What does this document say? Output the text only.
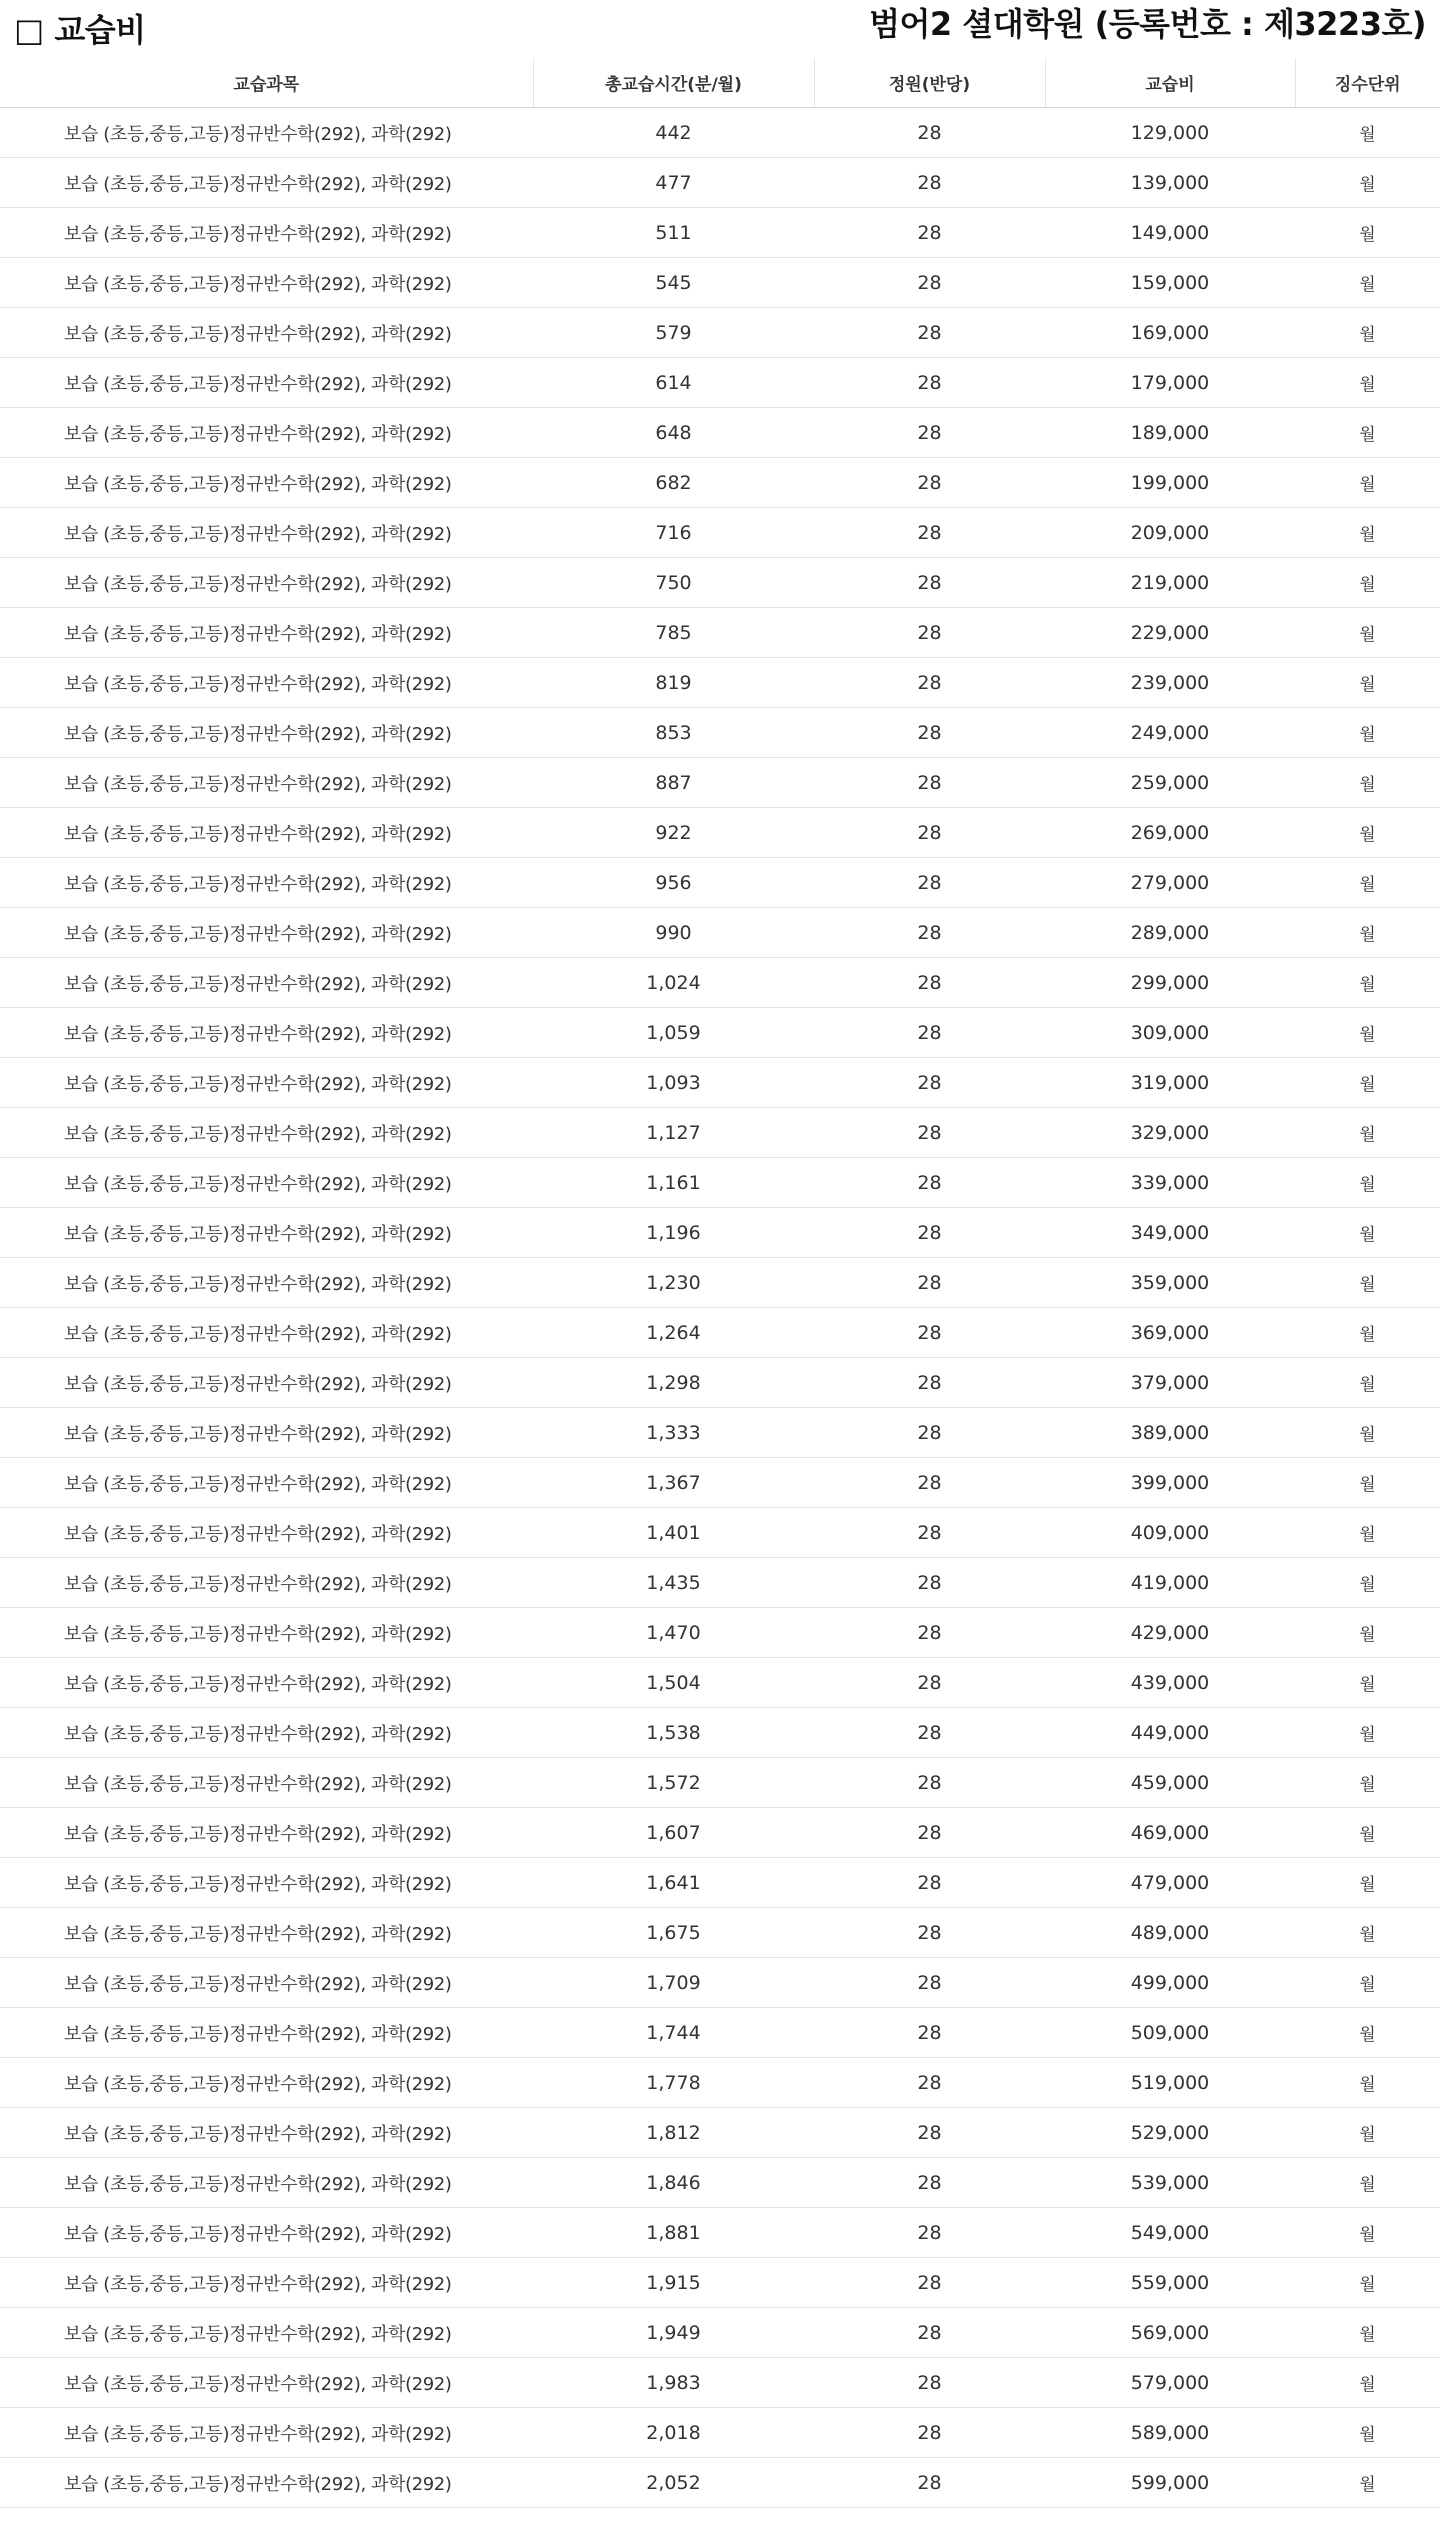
□ 교습비	범어2 셜대학원 (등록번호 : 제3223호)
교습과목	총교습시간(분/월)	정원(반당)	교습비	징수단위
보습 (초등,중등,고등)정규반수학(292), 과학(292)	442	28	129,000	월
보습 (초등,중등,고등)정규반수학(292), 과학(292)	477	28	139,000	월
보습 (초등,중등,고등)정규반수학(292), 과학(292)	511	28	149,000	월
보습 (초등,중등,고등)정규반수학(292), 과학(292)	545	28	159,000	월
보습 (초등,중등,고등)정규반수학(292), 과학(292)	579	28	169,000	월
보습 (초등,중등,고등)정규반수학(292), 과학(292)	614	28	179,000	월
보습 (초등,중등,고등)정규반수학(292), 과학(292)	648	28	189,000	월
보습 (초등,중등,고등)정규반수학(292), 과학(292)	682	28	199,000	월
보습 (초등,중등,고등)정규반수학(292), 과학(292)	716	28	209,000	월
보습 (초등,중등,고등)정규반수학(292), 과학(292)	750	28	219,000	월
보습 (초등,중등,고등)정규반수학(292), 과학(292)	785	28	229,000	월
보습 (초등,중등,고등)정규반수학(292), 과학(292)	819	28	239,000	월
보습 (초등,중등,고등)정규반수학(292), 과학(292)	853	28	249,000	월
보습 (초등,중등,고등)정규반수학(292), 과학(292)	887	28	259,000	월
보습 (초등,중등,고등)정규반수학(292), 과학(292)	922	28	269,000	월
보습 (초등,중등,고등)정규반수학(292), 과학(292)	956	28	279,000	월
보습 (초등,중등,고등)정규반수학(292), 과학(292)	990	28	289,000	월
보습 (초등,중등,고등)정규반수학(292), 과학(292)	1,024	28	299,000	월
보습 (초등,중등,고등)정규반수학(292), 과학(292)	1,059	28	309,000	월
보습 (초등,중등,고등)정규반수학(292), 과학(292)	1,093	28	319,000	월
보습 (초등,중등,고등)정규반수학(292), 과학(292)	1,127	28	329,000	월
보습 (초등,중등,고등)정규반수학(292), 과학(292)	1,161	28	339,000	월
보습 (초등,중등,고등)정규반수학(292), 과학(292)	1,196	28	349,000	월
보습 (초등,중등,고등)정규반수학(292), 과학(292)	1,230	28	359,000	월
보습 (초등,중등,고등)정규반수학(292), 과학(292)	1,264	28	369,000	월
보습 (초등,중등,고등)정규반수학(292), 과학(292)	1,298	28	379,000	월
보습 (초등,중등,고등)정규반수학(292), 과학(292)	1,333	28	389,000	월
보습 (초등,중등,고등)정규반수학(292), 과학(292)	1,367	28	399,000	월
보습 (초등,중등,고등)정규반수학(292), 과학(292)	1,401	28	409,000	월
보습 (초등,중등,고등)정규반수학(292), 과학(292)	1,435	28	419,000	월
보습 (초등,중등,고등)정규반수학(292), 과학(292)	1,470	28	429,000	월
보습 (초등,중등,고등)정규반수학(292), 과학(292)	1,504	28	439,000	월
보습 (초등,중등,고등)정규반수학(292), 과학(292)	1,538	28	449,000	월
보습 (초등,중등,고등)정규반수학(292), 과학(292)	1,572	28	459,000	월
보습 (초등,중등,고등)정규반수학(292), 과학(292)	1,607	28	469,000	월
보습 (초등,중등,고등)정규반수학(292), 과학(292)	1,641	28	479,000	월
보습 (초등,중등,고등)정규반수학(292), 과학(292)	1,675	28	489,000	월
보습 (초등,중등,고등)정규반수학(292), 과학(292)	1,709	28	499,000	월
보습 (초등,중등,고등)정규반수학(292), 과학(292)	1,744	28	509,000	월
보습 (초등,중등,고등)정규반수학(292), 과학(292)	1,778	28	519,000	월
보습 (초등,중등,고등)정규반수학(292), 과학(292)	1,812	28	529,000	월
보습 (초등,중등,고등)정규반수학(292), 과학(292)	1,846	28	539,000	월
보습 (초등,중등,고등)정규반수학(292), 과학(292)	1,881	28	549,000	월
보습 (초등,중등,고등)정규반수학(292), 과학(292)	1,915	28	559,000	월
보습 (초등,중등,고등)정규반수학(292), 과학(292)	1,949	28	569,000	월
보습 (초등,중등,고등)정규반수학(292), 과학(292)	1,983	28	579,000	월
보습 (초등,중등,고등)정규반수학(292), 과학(292)	2,018	28	589,000	월
보습 (초등,중등,고등)정규반수학(292), 과학(292)	2,052	28	599,000	월
